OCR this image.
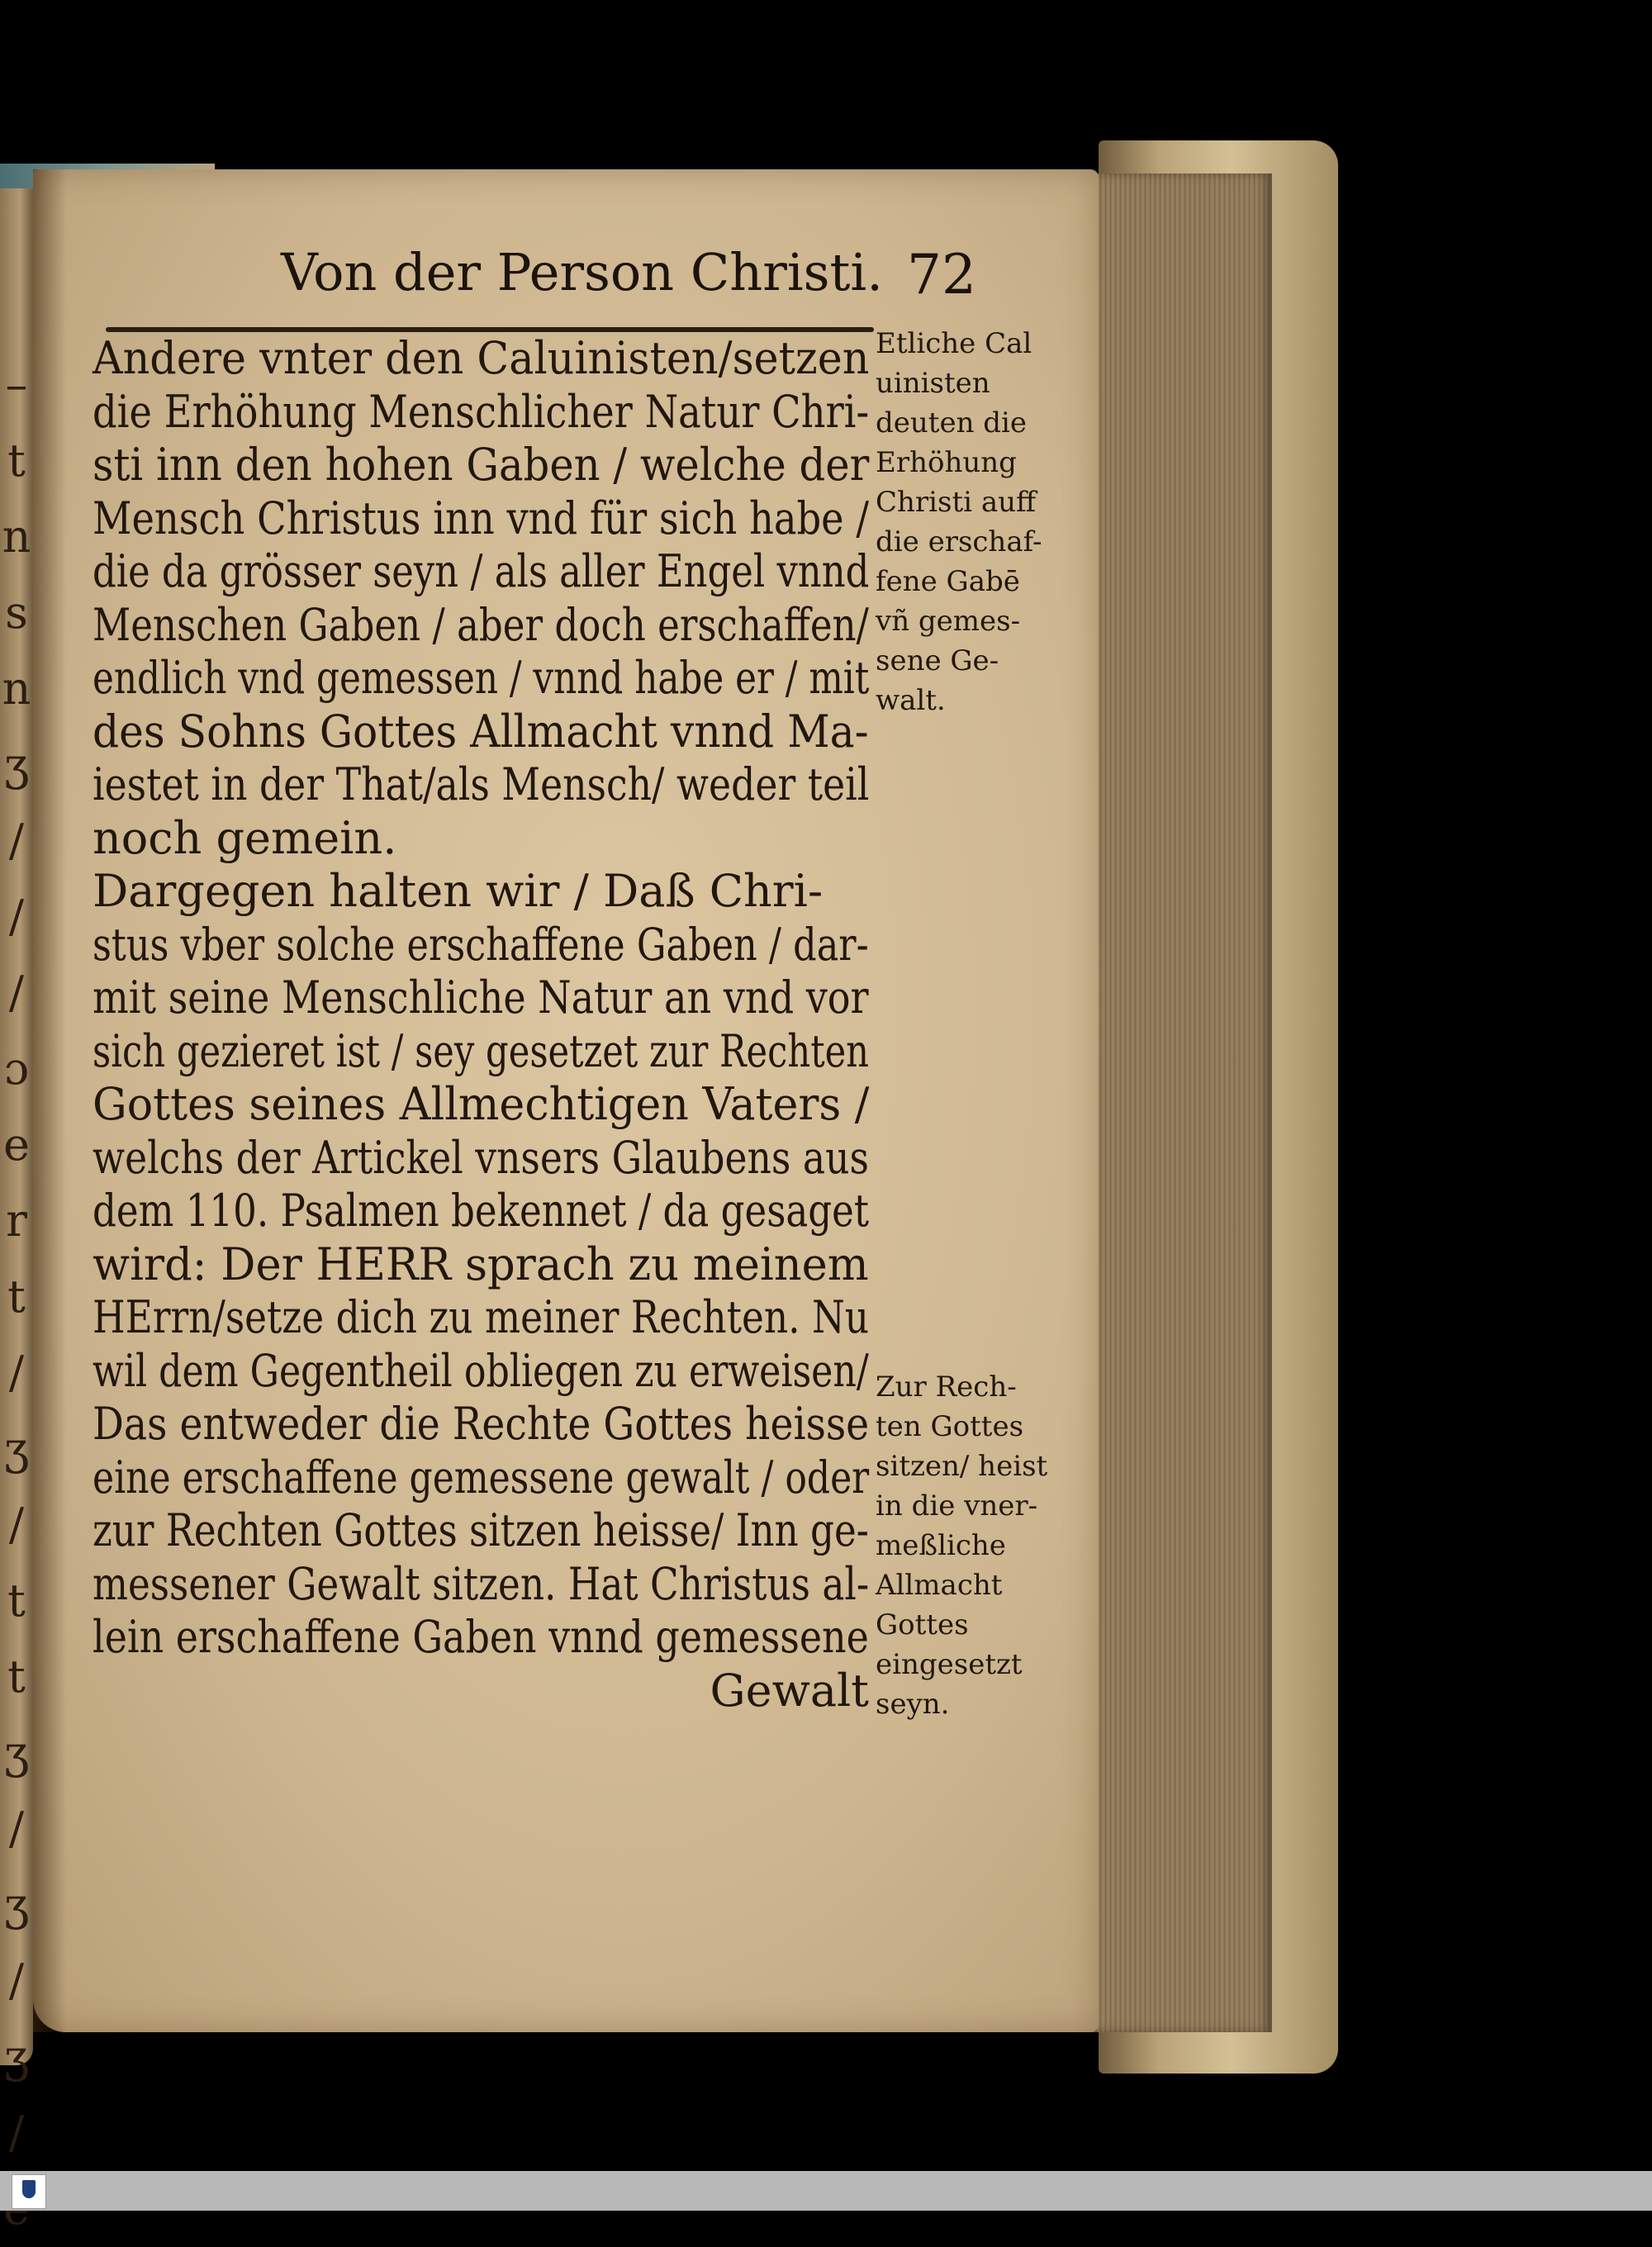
–
t
n
s
n
ʒ
/
/
/
ɔ
e
r
t
/
ʒ
/
t
t
ʒ
/
ʒ
/
ʒ
/
Von der Person Christi. 72
Andere vnter den Caluinisten/setzen
die Erhöhung Menschlicher Natur Chri-
sti inn den hohen Gaben / welche der
Mensch Christus inn vnd für sich habe /
die da grösser seyn / als aller Engel vnnd
Menschen Gaben / aber doch erschaffen/
endlich vnd gemessen / vnnd habe er / mit
des Sohns Gottes Allmacht vnnd Ma-
iestet in der That/als Mensch/ weder teil
noch gemein.
Dargegen halten wir / Daß Chri-
stus vber solche erschaffene Gaben / dar-
mit seine Menschliche Natur an vnd vor
sich gezieret ist / sey gesetzet zur Rechten
Gottes seines Allmechtigen Vaters /
welchs der Artickel vnsers Glaubens aus
dem 110. Psalmen bekennet / da gesaget
wird: Der HERR sprach zu meinem
HErrn/setze dich zu meiner Rechten. Nu
wil dem Gegentheil obliegen zu erweisen/
Das entweder die Rechte Gottes heisse
eine erschaffene gemessene gewalt / oder
zur Rechten Gottes sitzen heisse/ Inn ge-
messener Gewalt sitzen. Hat Christus al-
lein erschaffene Gaben vnnd gemessene
Gewalt
Etliche Cal
uinisten
deuten die
Erhöhung
Christi auff
die erschaf-
fene Gabē
vñ gemes-
sene Ge-
walt.
Zur Rech-
ten Gottes
sitzen/ heist
in die vner-
meßliche
Allmacht
Gottes
eingesetzt
seyn.
